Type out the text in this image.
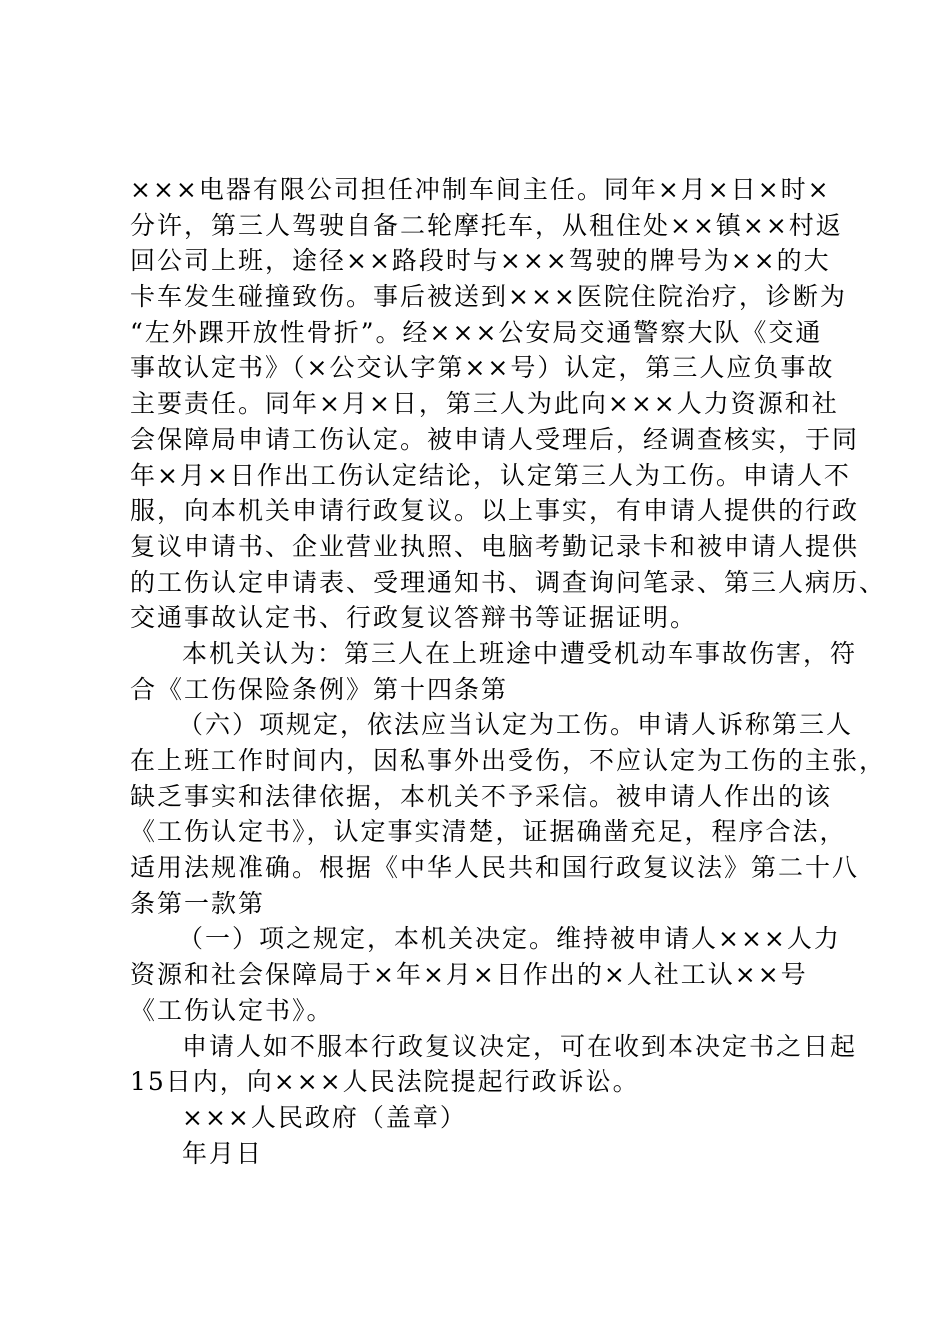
×××电器有限公司担任冲制车间主任。同年×月×日×时×
分许，第三人驾驶自备二轮摩托车，从租住处××镇××村返
回公司上班，途径××路段时与×××驾驶的牌号为××的大
卡车发生碰撞致伤。事后被送到×××医院住院治疗，诊断为
“左外踝开放性骨折”。经×××公安局交通警察大队《交通
事故认定书》（×公交认字第××号）认定，第三人应负事故
主要责任。同年×月×日，第三人为此向×××人力资源和社
会保障局申请工伤认定。被申请人受理后，经调查核实，于同
年×月×日作出工伤认定结论，认定第三人为工伤。申请人不
服，向本机关申请行政复议。以上事实，有申请人提供的行政
复议申请书、企业营业执照、电脑考勤记录卡和被申请人提供
的工伤认定申请表、受理通知书、调查询问笔录、第三人病历、
交通事故认定书、行政复议答辩书等证据证明。
本机关认为：第三人在上班途中遭受机动车事故伤害，符
合《工伤保险条例》第十四条第
（六）项规定，依法应当认定为工伤。申请人诉称第三人
在上班工作时间内，因私事外出受伤，不应认定为工伤的主张，
缺乏事实和法律依据，本机关不予采信。被申请人作出的该
《工伤认定书》，认定事实清楚，证据确凿充足，程序合法，
适用法规准确。根据《中华人民共和国行政复议法》第二十八
条第一款第
（一）项之规定，本机关决定。维持被申请人×××人力
资源和社会保障局于×年×月×日作出的×人社工认××号
《工伤认定书》。
申请人如不服本行政复议决定，可在收到本决定书之日起
15日内，向×××人民法院提起行政诉讼。
×××人民政府（盖章）
年月日
